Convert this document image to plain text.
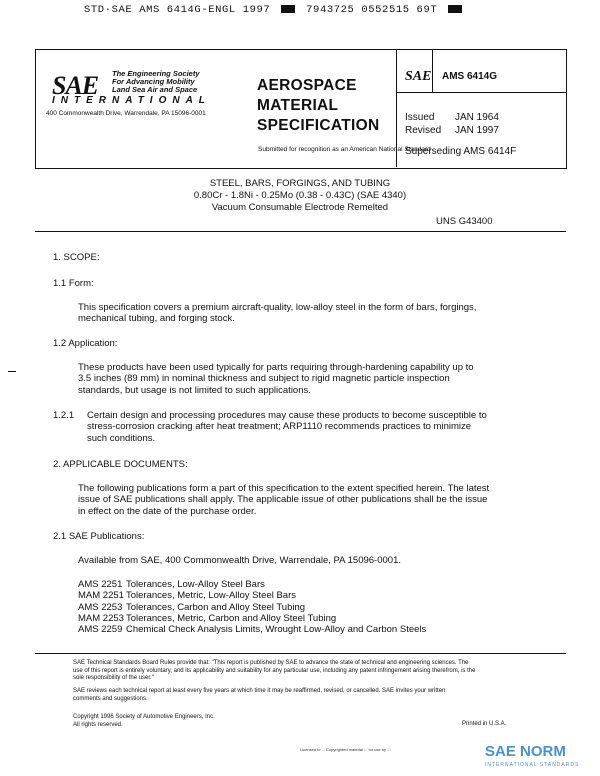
STD·SAE AMS 6414G-ENGL 1997	7943725 0552515 69T
SAE The Engineering Society
For Advancing Mobility
Land Sea Air and Space
INTERNATIONAL
400 Commonwealth Drive, Warrendale, PA 15096-0001
AEROSPACE
MATERIAL
SPECIFICATION
Submitted for recognition as an American National Standard
SAE AMS 6414G
Issued JAN 1964
Revised JAN 1997
Superseding AMS 6414F
STEEL, BARS, FORGINGS, AND TUBING
0.80Cr - 1.8Ni - 0.25Mo (0.38 - 0.43C) (SAE 4340)
Vacuum Consumable Electrode Remelted
UNS G43400
1. SCOPE:
1.1 Form:
This specification covers a premium aircraft-quality, low-alloy steel in the form of bars, forgings,
mechanical tubing, and forging stock.
1.2 Application:
These products have been used typically for parts requiring through-hardening capability up to
3.5 inches (89 mm) in nominal thickness and subject to rigid magnetic particle inspection
standards, but usage is not limited to such applications.
1.2.1 Certain design and processing procedures may cause these products to become susceptible to
stress-corrosion cracking after heat treatment; ARP1110 recommends practices to minimize
such conditions.
2. APPLICABLE DOCUMENTS:
The following publications form a part of this specification to the extent specified herein. The latest
issue of SAE publications shall apply. The applicable issue of other publications shall be the issue
in effect on the date of the purchase order.
2.1 SAE Publications:
Available from SAE, 400 Commonwealth Drive, Warrendale, PA 15096-0001.
AMS 2251 Tolerances, Low-Alloy Steel Bars
MAM 2251 Tolerances, Metric, Low-Alloy Steel Bars
AMS 2253 Tolerances, Carbon and Alloy Steel Tubing
MAM 2253 Tolerances, Metric, Carbon and Alloy Steel Tubing
AMS 2259 Chemical Check Analysis Limits, Wrought Low-Alloy and Carbon Steels
SAE Technical Standards Board Rules provide that: "This report is published by SAE to advance the state of technical and engineering sciences. The
use of this report is entirely voluntary, and its applicability and suitability for any particular use, including any patent infringement arising therefrom, is the
sole responsibility of the user."
SAE reviews each technical report at least every five years at which time it may be reaffirmed, revised, or cancelled. SAE invites your written
comments and suggestions.
Copyright 1996 Society of Automotive Engineers, Inc.
All rights reserved.	Printed in U.S.A.
Licensed to ... Copyrighted material ... for use by ...	SAE NORM
INTERNATIONAL STANDARDS
